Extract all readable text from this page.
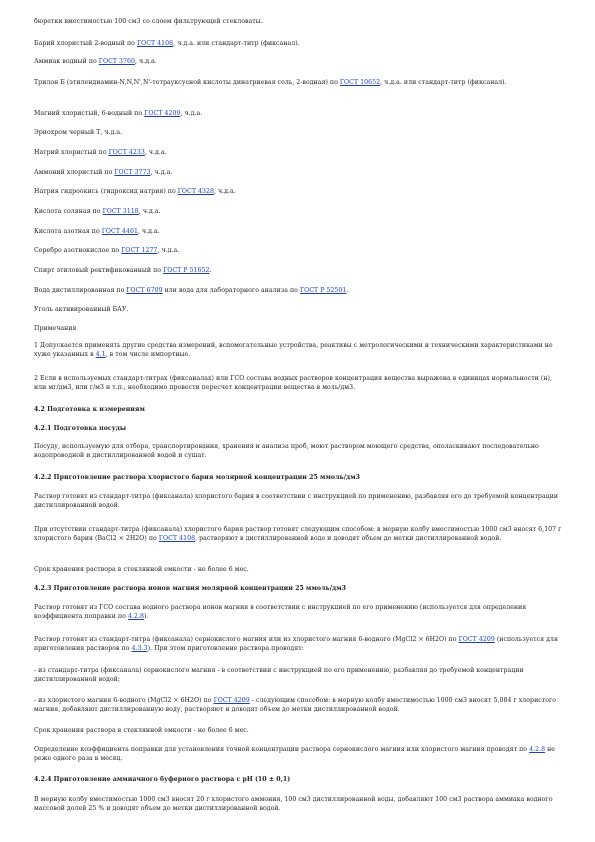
бюретки вместимостью 100 см3 со слоем фильтрующей стекловаты.

Барий хлористый 2-водный по ГОСТ 4108, ч.д.а. или стандарт-титр (фиксанал).

Аммиак водный по ГОСТ 3760, ч.д.а.

Трилон Б (этилендиамин-N,N,N',N'-тетрауксусной кислоты динатриевая соль, 2-водная) по ГОСТ 10652, ч.д.а. или стандарт-титр (фиксанал).

Магний хлористый, 6-водный по ГОСТ 4209, ч.д.а.

Эриохром черный Т, ч.д.а.

Натрий хлористый по ГОСТ 4233, ч.д.а.

Аммоний хлористый по ГОСТ 3773, ч.д.а.

Натрия гидроокись (гидроксид натрия) по ГОСТ 4328, ч.д.а.

Кислота соляная по ГОСТ 3118, ч.д.а.

Кислота азотная по ГОСТ 4461, ч.д.а.

Серебро азотнокислое по ГОСТ 1277, ч.д.а.

Спирт этиловый ректификованный по ГОСТ Р 51652.

Вода дистиллированная по ГОСТ 6709 или вода для лабораторного анализа по ГОСТ Р 52501.

Уголь активированный БАУ.

Примечания

1 Допускается применять другие средства измерений, вспомогательные устройства, реактивы с метрологическими и техническими характеристиками не хуже указанных в 4.1, в том числе импортные.

2 Если в используемых стандарт-титрах (фиксаналах) или ГСО состава водных растворов концентрация вещества выражена в единицах нормальности (н), или мг/дм3, или г/м3 и т.п., необходимо провести пересчет концентрации вещества в моль/дм3.

4.2 Подготовка к измерениям

4.2.1 Подготовка посуды

Посуду, используемую для отбора, транспортирования, хранения и анализа проб, моют раствором моющего средства, ополаскивают последовательно водопроводной и дистиллированной водой и сушат.

4.2.2 Приготовление раствора хлористого бария молярной концентрации 25 ммоль/дм3

Раствор готовят из стандарт-титра (фиксанала) хлористого бария в соответствии с инструкцией по применению, разбавляя его до требуемой концентрации дистиллированной водой.

При отсутствии стандарт-титра (фиксанала) хлористого бария раствор готовят следующим способом: в мерную колбу вместимостью 1000 см3 вносят 6,107 г хлористого бария (BaCl2 × 2H2O) по ГОСТ 4108, растворяют в дистиллированной воде и доводят объем до метки дистиллированной водой.

Срок хранения раствора в стеклянной емкости - не более 6 мес.

4.2.3 Приготовление раствора ионов магния молярной концентрации 25 ммоль/дм3

Раствор готовят из ГСО состава водного раствора ионов магния в соответствии с инструкцией по его применению (используется для определения коэффициента поправки по 4.2.8).

Раствор готовят из стандарт-титра (фиксанала) сернокислого магния или из хлористого магния 6-водного (MgCl2 × 6H2O) по ГОСТ 4209 (используется для приготовления растворов по 4.3.3). При этом приготовление раствора проводят:

- из стандарт-титра (фиксанала) сернокислого магния - в соответствии с инструкцией по его применению, разбавляя до требуемой концентрации дистиллированной водой;

- из хлористого магния 6-водного (MgCl2 × 6H2O) по ГОСТ 4209 - следующим способом: в мерную колбу вместимостью 1000 см3 вносят 5,084 г хлористого магния, добавляют дистиллированную воду, растворяют и доводят объем до метки дистиллированной водой.

Срок хранения раствора в стеклянной емкости - не более 6 мес.

Определение коэффициента поправки для установления точной концентрации раствора сернокислого магния или хлористого магния проводят по 4.2.8 не реже одного раза в месяц.

4.2.4 Приготовление аммиачного буферного раствора с pH (10 ± 0,1)

В мерную колбу вместимостью 1000 см3 вносят 20 г хлористого аммония, 100 см3 дистиллированной воды, добавляют 100 см3 раствора аммиака водного массовой долей 25 % и доводят объем до метки дистиллированной водой.
